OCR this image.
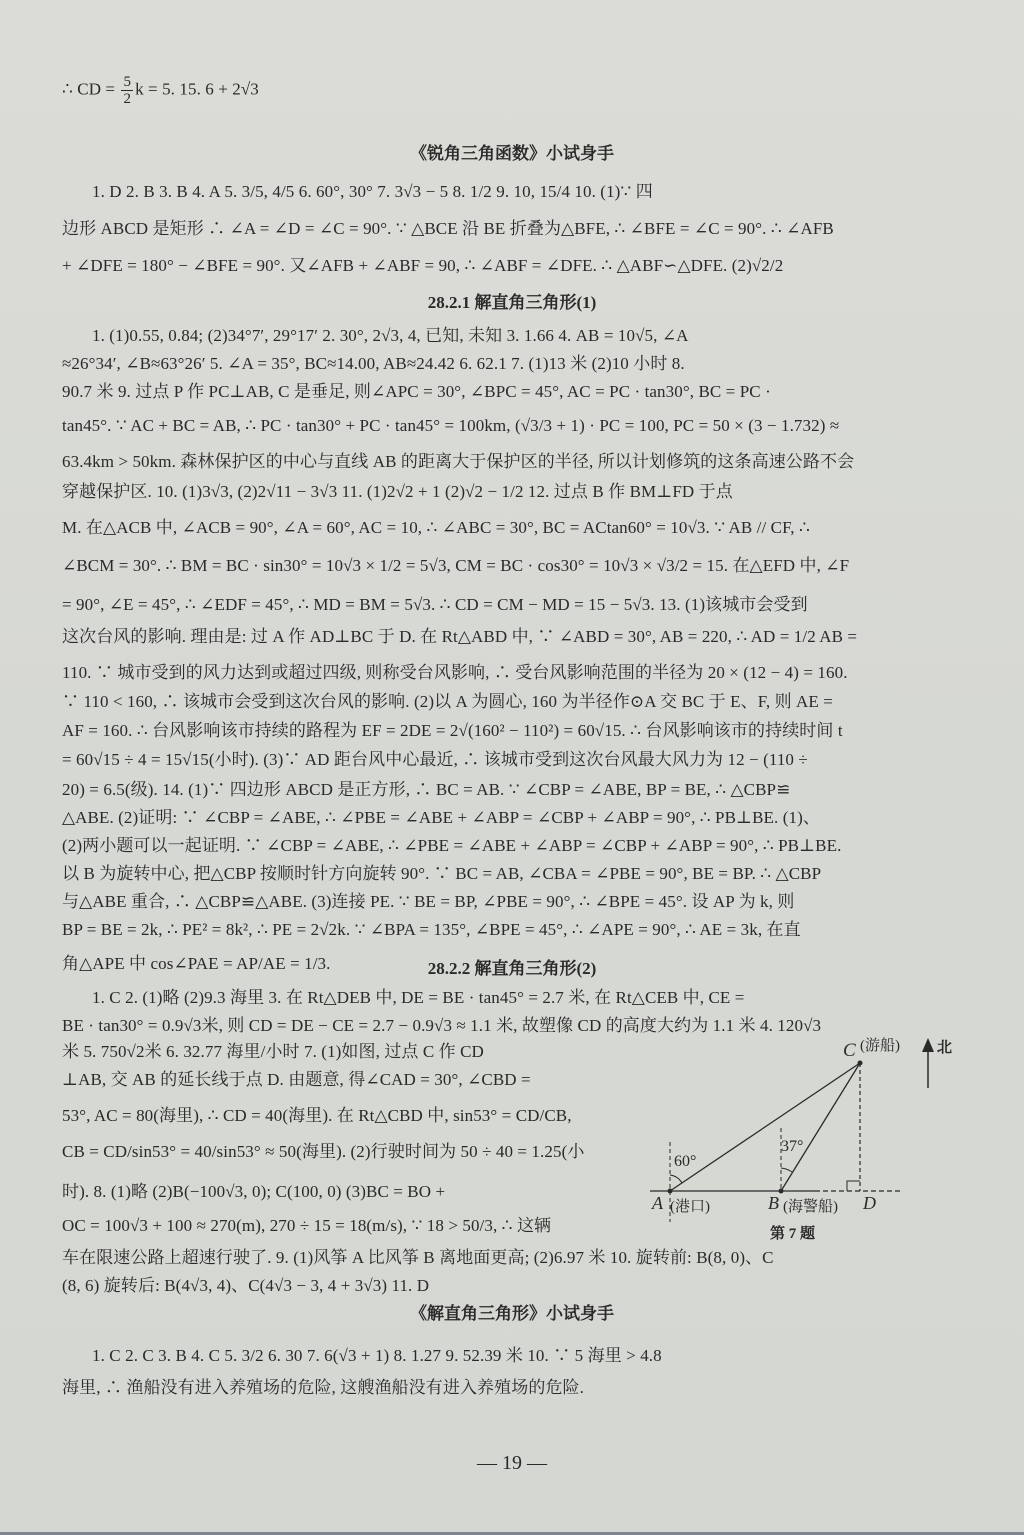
∴ CD = $\frac{5}{2}$ k = 5. 15. 6 + 2√3
《锐角三角函数》小试身手
1. D 2. B 3. B 4. A 5. 3/5, 4/5 6. 60°, 30° 7. 3√3 − 5 8. 1/2 9. 10, 15/4 10. (1)∵ 四
边形 ABCD 是矩形 ∴ ∠A = ∠D = ∠C = 90°. ∵ △BCE 沿 BE 折叠为△BFE, ∴ ∠BFE = ∠C = 90°. ∴ ∠AFB
+ ∠DFE = 180° − ∠BFE = 90°. 又∠AFB + ∠ABF = 90, ∴ ∠ABF = ∠DFE. ∴ △ABF∽△DFE. (2)√2/2
28.2.1 解直角三角形(1)
1. (1)0.55, 0.84; (2)34°7′, 29°17′ 2. 30°, 2√3, 4, 已知, 未知 3. 1.66 4. AB = 10√5, ∠A
≈26°34′, ∠B≈63°26′ 5. ∠A = 35°, BC≈14.00, AB≈24.42 6. 62.1 7. (1)13 米 (2)10 小时 8.
90.7 米 9. 过点 P 作 PC⊥AB, C 是垂足, 则∠APC = 30°, ∠BPC = 45°, AC = PC · tan30°, BC = PC ·
tan45°. ∵ AC + BC = AB, ∴ PC · tan30° + PC · tan45° = 100km, (√3/3 + 1) · PC = 100, PC = 50 × (3 − 1.732) ≈
63.4km > 50km. 森林保护区的中心与直线 AB 的距离大于保护区的半径, 所以计划修筑的这条高速公路不会
穿越保护区. 10. (1)3√3, (2)2√11 − 3√3 11. (1)2√2 + 1 (2)√2 − 1/2 12. 过点 B 作 BM⊥FD 于点
M. 在△ACB 中, ∠ACB = 90°, ∠A = 60°, AC = 10, ∴ ∠ABC = 30°, BC = ACtan60° = 10√3. ∵ AB // CF, ∴
∠BCM = 30°. ∴ BM = BC · sin30° = 10√3 × 1/2 = 5√3, CM = BC · cos30° = 10√3 × √3/2 = 15. 在△EFD 中, ∠F
= 90°, ∠E = 45°, ∴ ∠EDF = 45°, ∴ MD = BM = 5√3. ∴ CD = CM − MD = 15 − 5√3. 13. (1)该城市会受到
这次台风的影响. 理由是: 过 A 作 AD⊥BC 于 D. 在 Rt△ABD 中, ∵ ∠ABD = 30°, AB = 220, ∴ AD = 1/2 AB =
110. ∵ 城市受到的风力达到或超过四级, 则称受台风影响, ∴ 受台风影响范围的半径为 20 × (12 − 4) = 160.
∵ 110 < 160, ∴ 该城市会受到这次台风的影响. (2)以 A 为圆心, 160 为半径作⊙A 交 BC 于 E、F, 则 AE =
AF = 160. ∴ 台风影响该市持续的路程为 EF = 2DE = 2√(160² − 110²) = 60√15. ∴ 台风影响该市的持续时间 t
= 60√15 ÷ 4 = 15√15(小时). (3)∵ AD 距台风中心最近, ∴ 该城市受到这次台风最大风力为 12 − (110 ÷
20) = 6.5(级). 14. (1)∵ 四边形 ABCD 是正方形, ∴ BC = AB. ∵ ∠CBP = ∠ABE, BP = BE, ∴ △CBP≌
△ABE. (2)证明: ∵ ∠CBP = ∠ABE, ∴ ∠PBE = ∠ABE + ∠ABP = ∠CBP + ∠ABP = 90°, ∴ PB⊥BE. (1)、
(2)两小题可以一起证明. ∵ ∠CBP = ∠ABE, ∴ ∠PBE = ∠ABE + ∠ABP = ∠CBP + ∠ABP = 90°, ∴ PB⊥BE.
以 B 为旋转中心, 把△CBP 按顺时针方向旋转 90°. ∵ BC = AB, ∠CBA = ∠PBE = 90°, BE = BP. ∴ △CBP
与△ABE 重合, ∴ △CBP≌△ABE. (3)连接 PE. ∵ BE = BP, ∠PBE = 90°, ∴ ∠BPE = 45°. 设 AP 为 k, 则
BP = BE = 2k, ∴ PE² = 8k², ∴ PE = 2√2k. ∵ ∠BPA = 135°, ∠BPE = 45°, ∴ ∠APE = 90°, ∴ AE = 3k, 在直
角△APE 中 cos∠PAE = AP/AE = 1/3.	28.2.2 解直角三角形(2)
1. C 2. (1)略 (2)9.3 海里 3. 在 Rt△DEB 中, DE = BE · tan45° = 2.7 米, 在 Rt△CEB 中, CE =
BE · tan30° = 0.9√3米, 则 CD = DE − CE = 2.7 − 0.9√3 ≈ 1.1 米, 故塑像 CD 的高度大约为 1.1 米 4. 120√3
米 5. 750√2米 6. 32.77 海里/小时 7. (1)如图, 过点 C 作 CD
⊥AB, 交 AB 的延长线于点 D. 由题意, 得∠CAD = 30°, ∠CBD =
53°, AC = 80(海里), ∴ CD = 40(海里). 在 Rt△CBD 中, sin53° = CD/CB,
CB = CD/sin53° = 40/sin53° ≈ 50(海里). (2)行驶时间为 50 ÷ 40 = 1.25(小
时). 8. (1)略 (2)B(−100√3, 0); C(100, 0) (3)BC = BO +
OC = 100√3 + 100 ≈ 270(m), 270 ÷ 15 = 18(m/s), ∵ 18 > 50/3, ∴ 这辆
车在限速公路上超速行驶了. 9. (1)风筝 A 比风筝 B 离地面更高; (2)6.97 米 10. 旋转前: B(8, 0)、C
(8, 6) 旋转后: B(4√3, 4)、C(4√3 − 3, 4 + 3√3) 11. D
C (游船) 北
60°
37°
A (港口)	B (海警船) D
第 7 题
《解直角三角形》小试身手
1. C 2. C 3. B 4. C 5. 3/2 6. 30 7. 6(√3 + 1) 8. 1.27 9. 52.39 米 10. ∵ 5 海里 > 4.8
海里, ∴ 渔船没有进入养殖场的危险, 这艘渔船没有进入养殖场的危险.
— 19 —
